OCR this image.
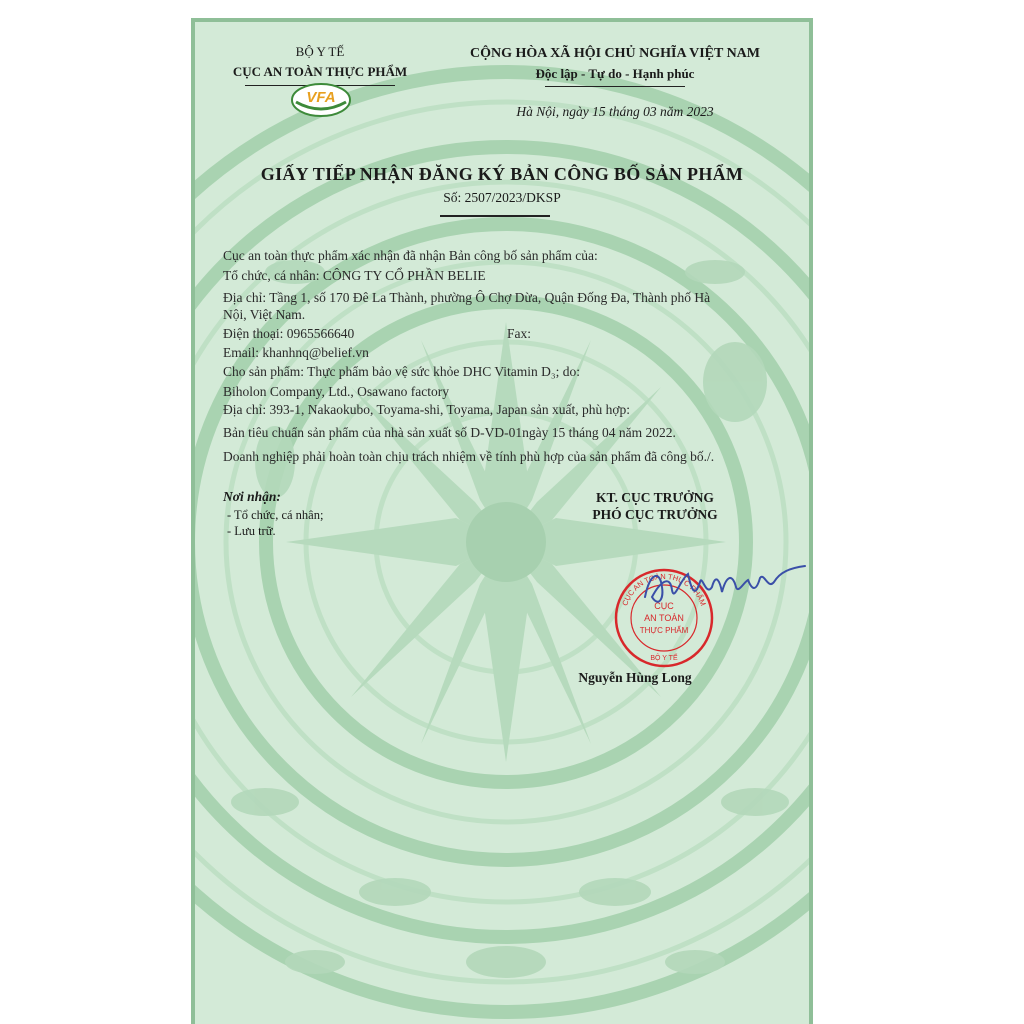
BỘ Y TẾ
CỤC AN TOÀN THỰC PHẨM
VFA
CỘNG HÒA XÃ HỘI CHỦ NGHĨA VIỆT NAM
Độc lập - Tự do - Hạnh phúc
Hà Nội, ngày 15 tháng 03 năm 2023
GIẤY TIẾP NHẬN ĐĂNG KÝ BẢN CÔNG BỐ SẢN PHẨM
Số: 2507/2023/DKSP
Cục an toàn thực phẩm xác nhận đã nhận Bản công bố sản phẩm của:
Tổ chức, cá nhân: CÔNG TY CỔ PHẦN BELIE
Địa chỉ: Tầng 1, số 170 Đê La Thành, phường Ô Chợ Dừa, Quận Đống Đa, Thành phố Hà
Nội, Việt Nam.
Điện thoại: 0965566640	Fax:
Email: khanhnq@belief.vn
Cho sản phẩm: Thực phẩm bảo vệ sức khỏe DHC Vitamin D₃; do:
Biholon Company, Ltd., Osawano factory
Địa chỉ: 393-1, Nakaokubo, Toyama-shi, Toyama, Japan sản xuất, phù hợp:
Bản tiêu chuẩn sản phẩm của nhà sản xuất số D-VD-01ngày 15 tháng 04 năm 2022.
Doanh nghiệp phải hoàn toàn chịu trách nhiệm về tính phù hợp của sản phẩm đã công bố./.
Nơi nhận:
- Tổ chức, cá nhân;
- Lưu trữ.
KT. CỤC TRƯỞNG
PHÓ CỤC TRƯỞNG
CỤC AN TOÀN THỰC PHẨM
CỤC
AN TOÀN
THỰC PHẨM
BỘ Y TẾ
Nguyễn Hùng Long
